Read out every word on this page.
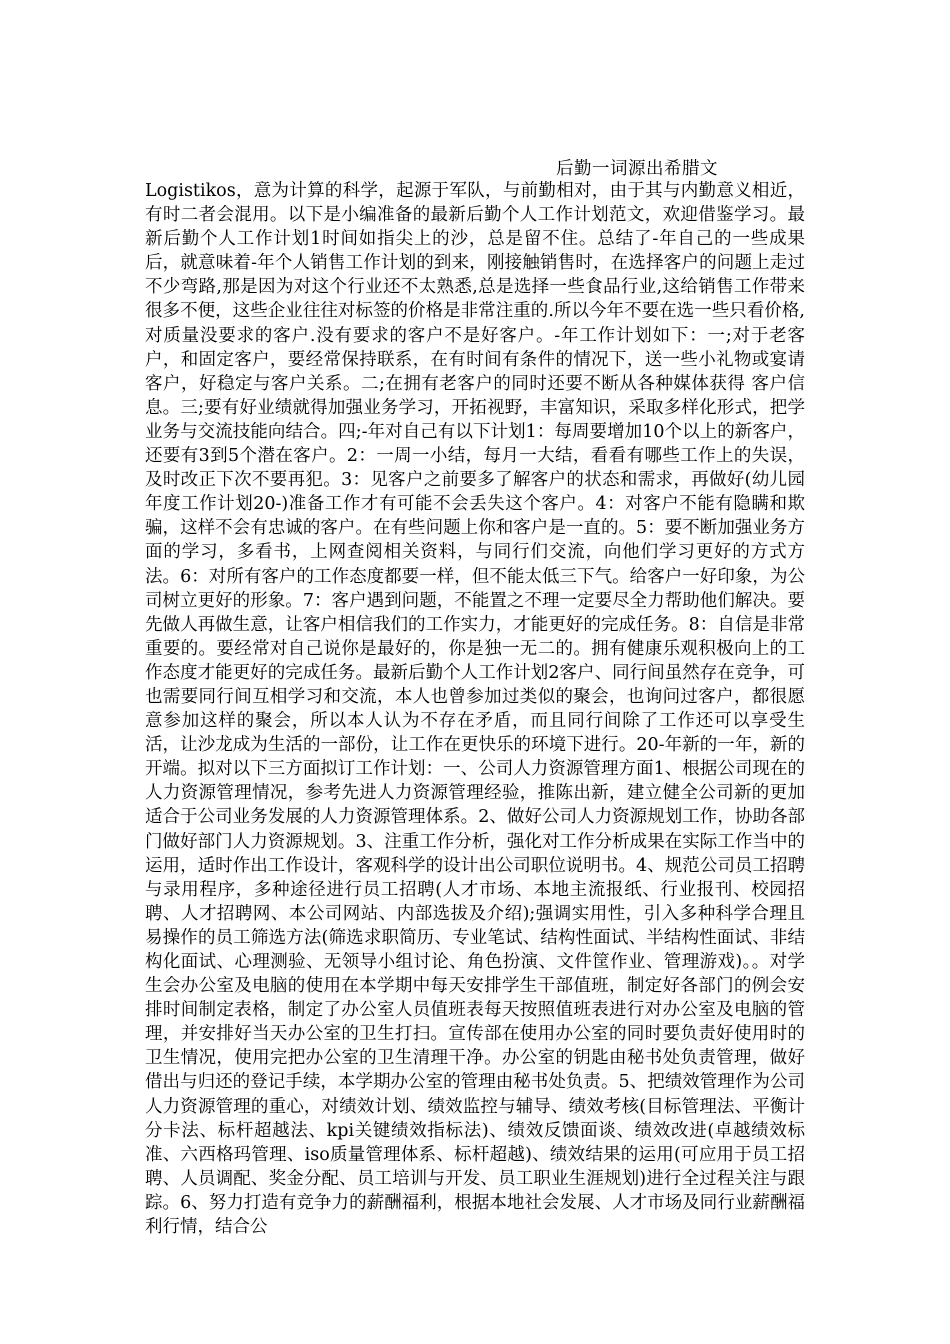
后勤一词源出希腊文

Logistikos，意为计算的科学，起源于军队，与前勤相对，由于其与内勤意义相近，有时二者会混用。以下是小编准备的最新后勤个人工作计划范文，欢迎借鉴学习。最新后勤个人工作计划1时间如指尖上的沙，总是留不住。总结了-年自己的一些成果后，就意味着-年个人销售工作计划的到来，刚接触销售时，在选择客户的问题上走过不少弯路,那是因为对这个行业还不太熟悉,总是选择一些食品行业,这给销售工作带来很多不便，这些企业往往对标签的价格是非常注重的.所以今年不要在选一些只看价格,对质量没要求的客户.没有要求的客户不是好客户。-年工作计划如下：一;对于老客户，和固定客户，要经常保持联系，在有时间有条件的情况下，送一些小礼物或宴请客户，好稳定与客户关系。二;在拥有老客户的同时还要不断从各种媒体获得 客户信息。三;要有好业绩就得加强业务学习，开拓视野，丰富知识，采取多样化形式，把学业务与交流技能向结合。四;-年对自己有以下计划1：每周要增加10个以上的新客户，还要有3到5个潜在客户。2：一周一小结，每月一大结，看看有哪些工作上的失误，及时改正下次不要再犯。3：见客户之前要多了解客户的状态和需求，再做好(幼儿园年度工作计划20-)准备工作才有可能不会丢失这个客户。4：对客户不能有隐瞒和欺骗，这样不会有忠诚的客户。在有些问题上你和客户是一直的。5：要不断加强业务方面的学习，多看书，上网查阅相关资料，与同行们交流，向他们学习更好的方式方法。6：对所有客户的工作态度都要一样，但不能太低三下气。给客户一好印象，为公司树立更好的形象。7：客户遇到问题，不能置之不理一定要尽全力帮助他们解决。要先做人再做生意，让客户相信我们的工作实力，才能更好的完成任务。8：自信是非常重要的。要经常对自己说你是最好的，你是独一无二的。拥有健康乐观积极向上的工作态度才能更好的完成任务。最新后勤个人工作计划2客户、同行间虽然存在竞争，可也需要同行间互相学习和交流，本人也曾参加过类似的聚会，也询问过客户，都很愿意参加这样的聚会，所以本人认为不存在矛盾，而且同行间除了工作还可以享受生活，让沙龙成为生活的一部份，让工作在更快乐的环境下进行。20-年新的一年，新的开端。拟对以下三方面拟订工作计划：一、公司人力资源管理方面1、根据公司现在的人力资源管理情况，参考先进人力资源管理经验，推陈出新，建立健全公司新的更加适合于公司业务发展的人力资源管理体系。2、做好公司人力资源规划工作，协助各部门做好部门人力资源规划。3、注重工作分析，强化对工作分析成果在实际工作当中的运用，适时作出工作设计，客观科学的设计出公司职位说明书。4、规范公司员工招聘与录用程序，多种途径进行员工招聘(人才市场、本地主流报纸、行业报刊、校园招聘、人才招聘网、本公司网站、内部选拔及介绍);强调实用性，引入多种科学合理且易操作的员工筛选方法(筛选求职简历、专业笔试、结构性面试、半结构性面试、非结构化面试、心理测验、无领导小组讨论、角色扮演、文件筐作业、管理游戏)。。对学生会办公室及电脑的使用在本学期中每天安排学生干部值班，制定好各部门的例会安排时间制定表格，制定了办公室人员值班表每天按照值班表进行对办公室及电脑的管理，并安排好当天办公室的卫生打扫。宣传部在使用办公室的同时要负责好使用时的卫生情况，使用完把办公室的卫生清理干净。办公室的钥匙由秘书处负责管理，做好借出与归还的登记手续，本学期办公室的管理由秘书处负责。5、把绩效管理作为公司人力资源管理的重心，对绩效计划、绩效监控与辅导、绩效考核(目标管理法、平衡计分卡法、标杆超越法、kpi关键绩效指标法)、绩效反馈面谈、绩效改进(卓越绩效标准、六西格玛管理、iso质量管理体系、标杆超越)、绩效结果的运用(可应用于员工招聘、人员调配、奖金分配、员工培训与开发、员工职业生涯规划)进行全过程关注与跟踪。6、努力打造有竞争力的薪酬福利，根据本地社会发展、人才市场及同行业薪酬福利行情，结合公
